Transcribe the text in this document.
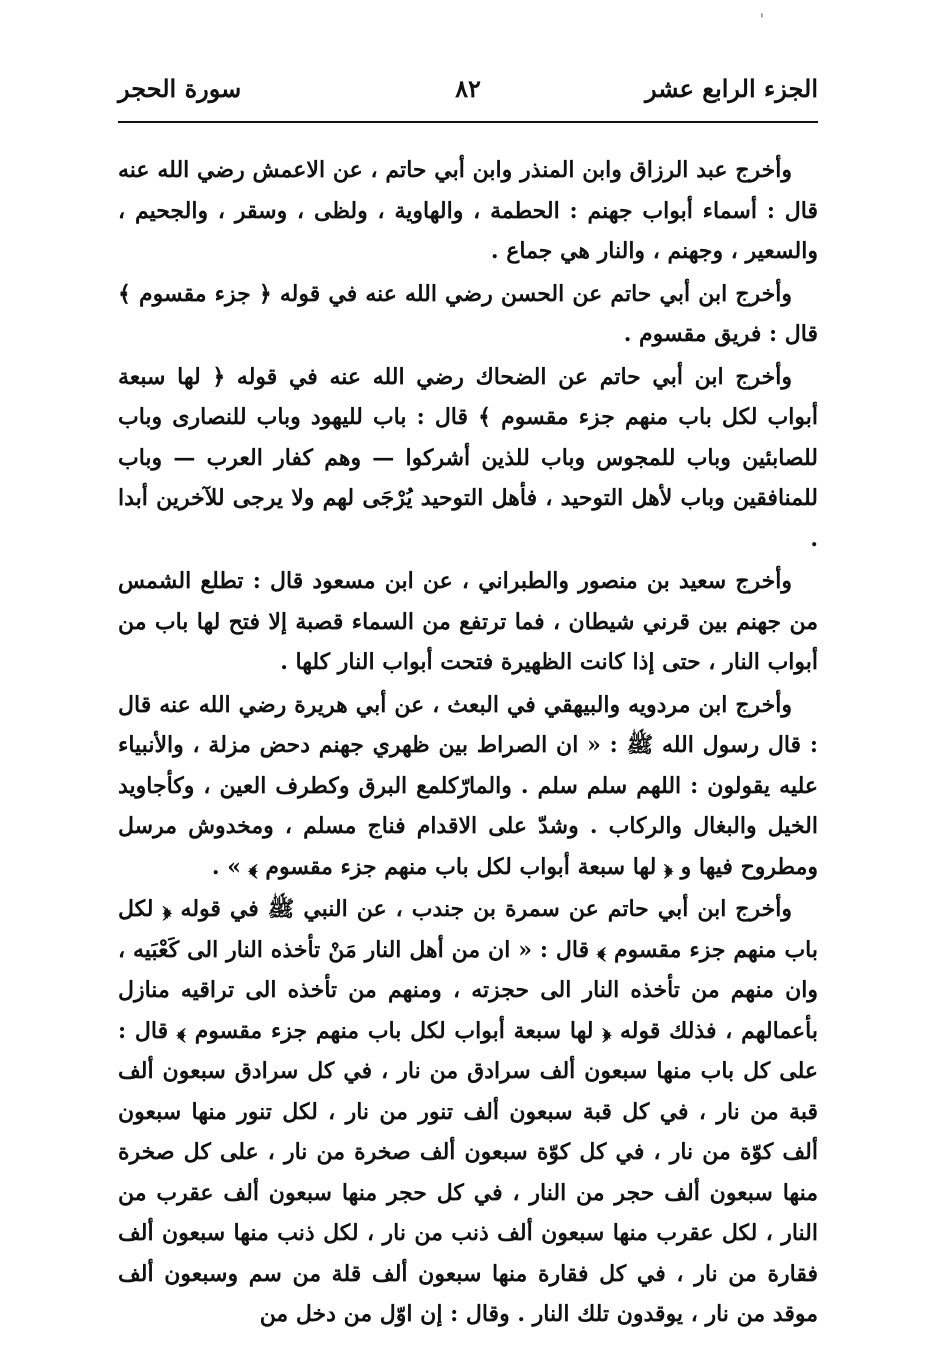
'
الجزء الرابع عشر
٨٢
سورة الحجر

وأخرج عبد الرزاق وابن المنذر وابن أبي حاتم ، عن الاعمش رضي الله عنه قال : أسماء أبواب جهنم : الحطمة ، والهاوية ، ولظى ، وسقر ، والجحيم ، والسعير ، وجهنم ، والنار هي جماع .

وأخرج ابن أبي حاتم عن الحسن رضي الله عنه في قوله ﴿ جزء مقسوم ﴾ قال : فريق مقسوم .

وأخرج ابن أبي حاتم عن الضحاك رضي الله عنه في قوله ﴿ لها سبعة أبواب لكل باب منهم جزء مقسوم ﴾ قال : باب لليهود وباب للنصارى وباب للصابئين وباب للمجوس وباب للذين أشركوا — وهم كفار العرب — وباب للمنافقين وباب لأهل التوحيد ، فأهل التوحيد يُرْجَى لهم ولا يرجى للآخرين أبدا .

وأخرج سعيد بن منصور والطبراني ، عن ابن مسعود قال : تطلع الشمس من جهنم بين قرني شيطان ، فما ترتفع من السماء قصبة إلا فتح لها باب من أبواب النار ، حتى إذا كانت الظهيرة فتحت أبواب النار كلها .

وأخرج ابن مردويه والبيهقي في البعث ، عن أبي هريرة رضي الله عنه قال : قال رسول الله ﷺ : « ان الصراط بين ظهري جهنم دحض مزلة ، والأنبياء عليه يقولون : اللهم سلم سلم . والمارّكلمع البرق وكطرف العين ، وكأجاويد الخيل والبغال والركاب . وشدّ على الاقدام فناج مسلم ، ومخدوش مرسل ومطروح فيها و ﴿ لها سبعة أبواب لكل باب منهم جزء مقسوم ﴾ » .

وأخرج ابن أبي حاتم عن سمرة بن جندب ، عن النبي ﷺ في قوله ﴿ لكل باب منهم جزء مقسوم ﴾ قال : « ان من أهل النار مَنْ تأخذه النار الى كَعْبَيه ، وان منهم من تأخذه النار الى حجزته ، ومنهم من تأخذه الى تراقيه منازل بأعمالهم ، فذلك قوله ﴿ لها سبعة أبواب لكل باب منهم جزء مقسوم ﴾ قال : على كل باب منها سبعون ألف سرادق من نار ، في كل سرادق سبعون ألف قبة من نار ، في كل قبة سبعون ألف تنور من نار ، لكل تنور منها سبعون ألف كوّة من نار ، في كل كوّة سبعون ألف صخرة من نار ، على كل صخرة منها سبعون ألف حجر من النار ، في كل حجر منها سبعون ألف عقرب من النار ، لكل عقرب منها سبعون ألف ذنب من نار ، لكل ذنب منها سبعون ألف فقارة من نار ، في كل فقارة منها سبعون ألف قلة من سم وسبعون ألف موقد من نار ، يوقدون تلك النار . وقال : إن اوّل من دخل من
